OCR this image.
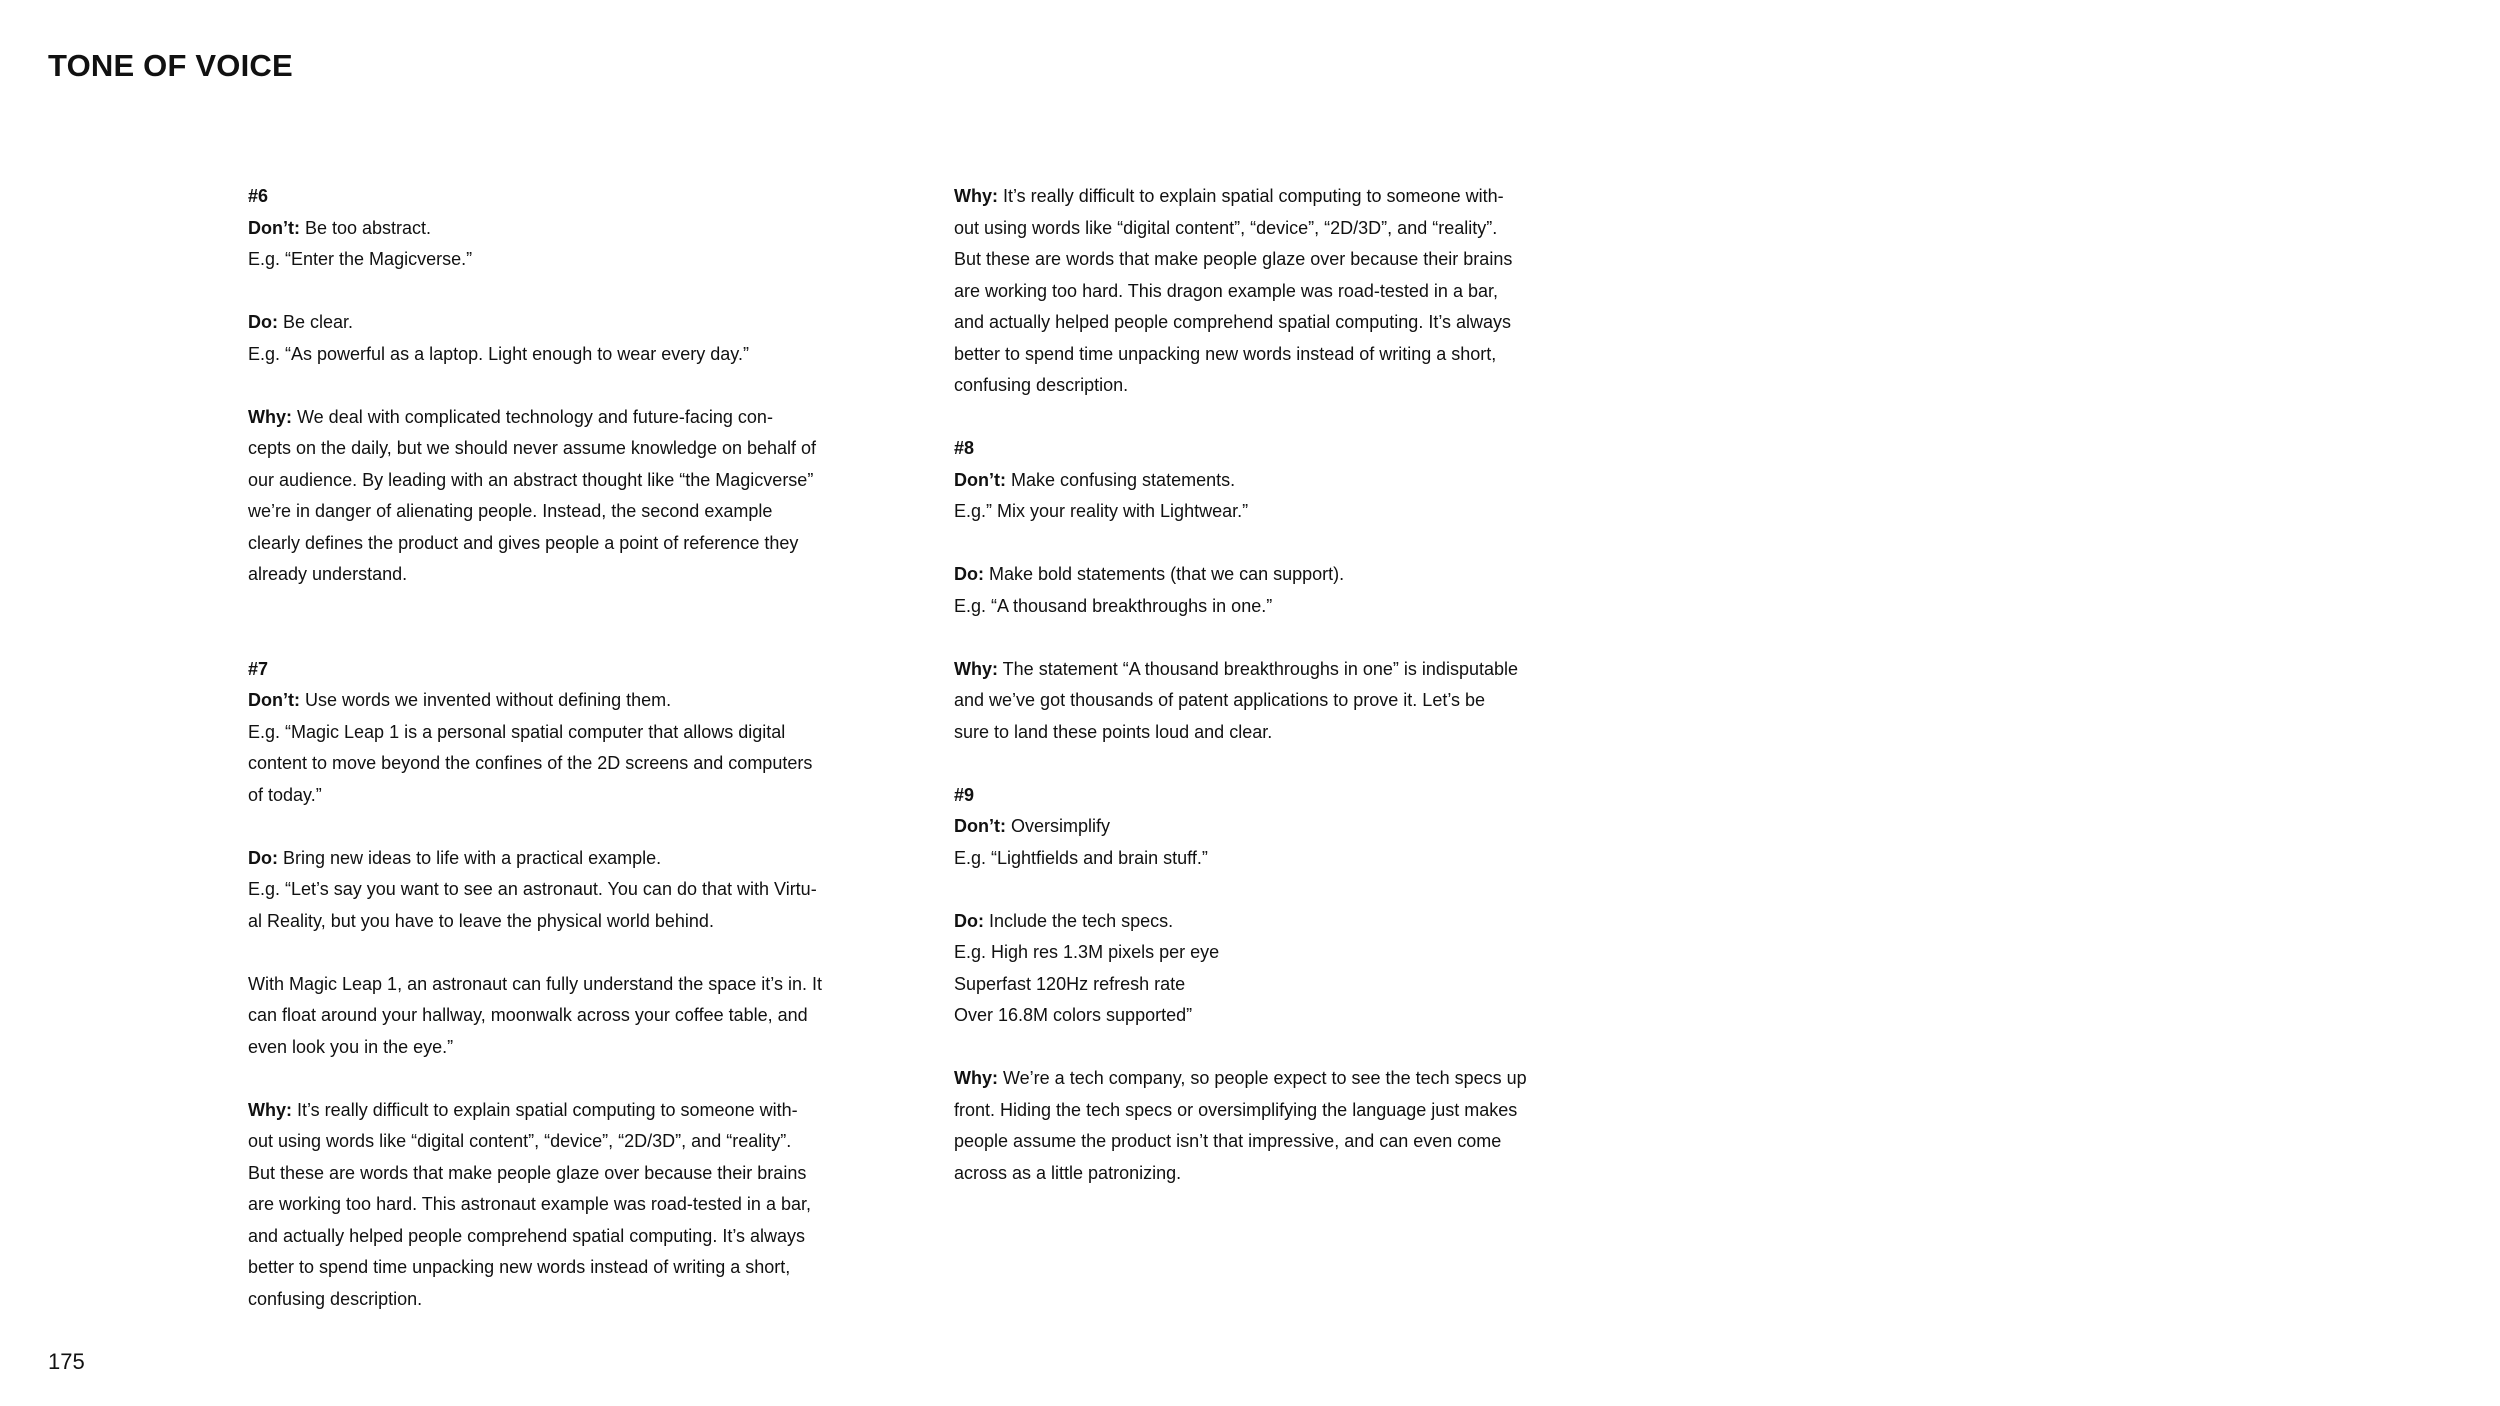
TONE OF VOICE

#6

Don’t: Be too abstract.

E.g. “Enter the Magicverse.”

Do: Be clear.

E.g. “As powerful as a laptop. Light enough to wear every day.”

Why: We deal with complicated technology and future-facing con-
cepts on the daily, but we should never assume knowledge on behalf of
our audience. By leading with an abstract thought like “the Magicverse”
we’re in danger of alienating people. Instead, the second example
clearly defines the product and gives people a point of reference they
already understand.

#7

Don’t: Use words we invented without defining them.

E.g. “Magic Leap 1 is a personal spatial computer that allows digital
content to move beyond the confines of the 2D screens and computers
of today.”

Do: Bring new ideas to life with a practical example.

E.g. “Let’s say you want to see an astronaut. You can do that with Virtu-
al Reality, but you have to leave the physical world behind.

With Magic Leap 1, an astronaut can fully understand the space it’s in. It
can float around your hallway, moonwalk across your coffee table, and
even look you in the eye.”

Why: It’s really difficult to explain spatial computing to someone with-
out using words like “digital content”, “device”, “2D/3D”, and “reality”.
But these are words that make people glaze over because their brains
are working too hard. This astronaut example was road-tested in a bar,
and actually helped people comprehend spatial computing. It’s always
better to spend time unpacking new words instead of writing a short,
confusing description.

Why: It’s really difficult to explain spatial computing to someone with-
out using words like “digital content”, “device”, “2D/3D”, and “reality”.
But these are words that make people glaze over because their brains
are working too hard. This dragon example was road-tested in a bar,
and actually helped people comprehend spatial computing. It’s always
better to spend time unpacking new words instead of writing a short,
confusing description.

#8

Don’t: Make confusing statements.

E.g.” Mix your reality with Lightwear.”

Do: Make bold statements (that we can support).

E.g. “A thousand breakthroughs in one.”

Why: The statement “A thousand breakthroughs in one” is indisputable
and we’ve got thousands of patent applications to prove it. Let’s be
sure to land these points loud and clear.

#9

Don’t: Oversimplify

E.g. “Lightfields and brain stuff.”

Do: Include the tech specs.

E.g. High res 1.3M pixels per eye
Superfast 120Hz refresh rate
Over 16.8M colors supported”

Why: We’re a tech company, so people expect to see the tech specs up
front. Hiding the tech specs or oversimplifying the language just makes
people assume the product isn’t that impressive, and can even come
across as a little patronizing.

175
